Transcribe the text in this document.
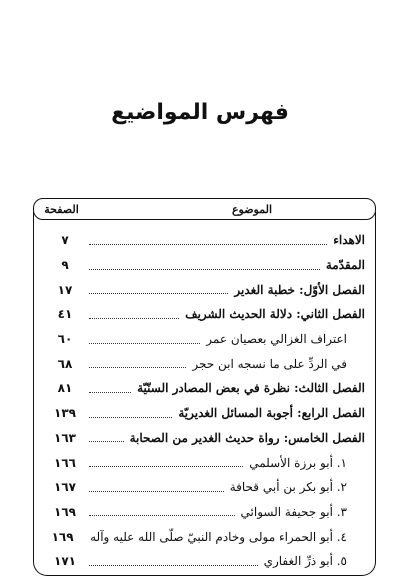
فهرس المواضيع
الموضوع
الصفحة
الاهداء
٧
المقدّمة
٩
الفصل الأوّل: خطبة الغدير
١٧
الفصل الثاني: دلالة الحديث الشريف
٤١
اعتراف الغزالي بعصيان عمر
٦٠
في الردِّ على ما نسجه ابن حجر
٦٨
الفصل الثالث: نظرة في بعض المصادر السنّيّة
٨١
الفصل الرابع: أجوبة المسائل الغديريّة
١٣٩
الفصل الخامس: رواة حديث الغدير من الصحابة
١٦٣
١. أبو برزة الأسلمي
١٦٦
٢. أبو بكر بن أبي قحافة
١٦٧
٣. أبو جحيفة السوائي
١٦٩
٤. أبو الحمراء مولى وخادم النبيّ صلّى الله عليه وآله
١٦٩
٥. أبو ذرِّ الغفاري
١٧١
